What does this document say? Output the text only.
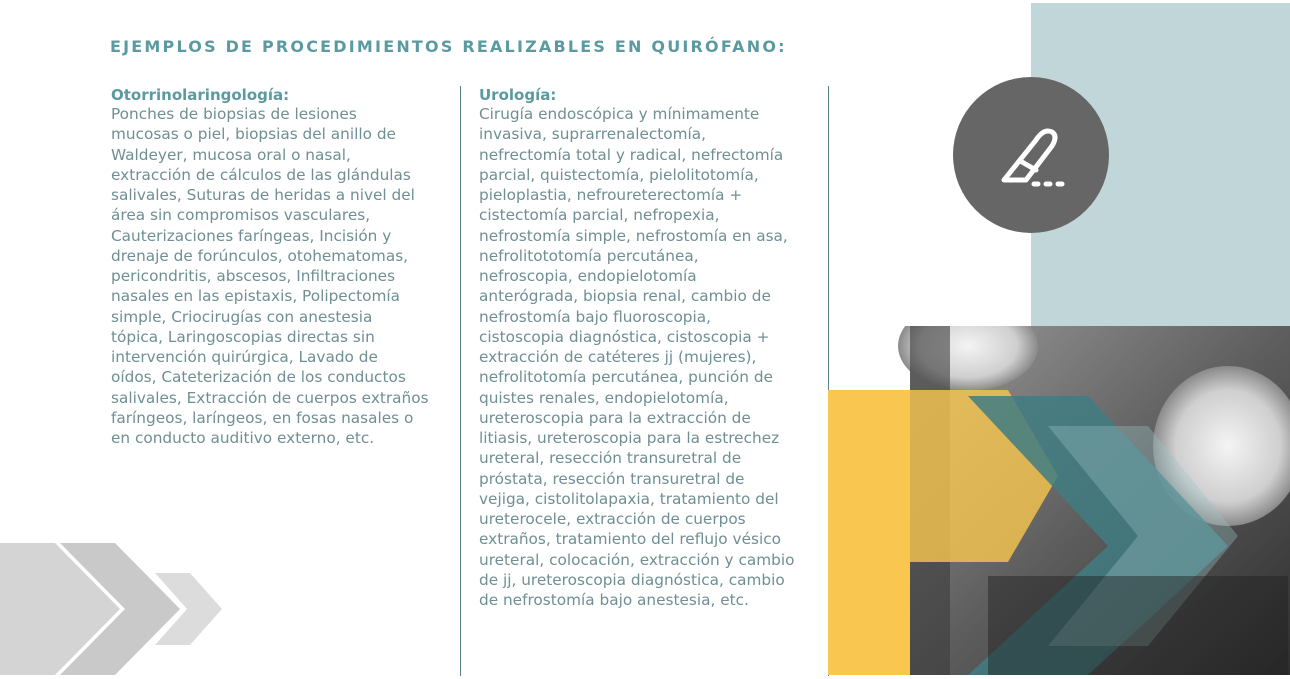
EJEMPLOS DE PROCEDIMIENTOS REALIZABLES EN QUIRÓFANO:

Otorrinolaringología:

Ponches de biopsias de lesiones
mucosas o piel, biopsias del anillo de
Waldeyer, mucosa oral o nasal,
extracción de cálculos de las glándulas
salivales, Suturas de heridas a nivel del
área sin compromisos vasculares,
Cauterizaciones faríngeas, Incisión y
drenaje de forúnculos, otohematomas,
pericondritis, abscesos, Infiltraciones
nasales en las epistaxis, Polipectomía
simple, Criocirugías con anestesia
tópica, Laringoscopias directas sin
intervención quirúrgica, Lavado de
oídos, Cateterización de los conductos
salivales, Extracción de cuerpos extraños
faríngeos, laríngeos, en fosas nasales o
en conducto auditivo externo, etc.

Urología:

Cirugía endoscópica y mínimamente
invasiva, suprarrenalectomía,
nefrectomía total y radical, nefrectomía
parcial, quistectomía, pielolitotomía,
pieloplastia, nefroureterectomía +
cistectomía parcial, nefropexia,
nefrostomía simple, nefrostomía en asa,
nefrolitototomía percutánea,
nefroscopia, endopielotomía
anterógrada, biopsia renal, cambio de
nefrostomía bajo fluoroscopia,
cistoscopia diagnóstica, cistoscopia +
extracción de catéteres jj (mujeres),
nefrolitotomía percutánea, punción de
quistes renales, endopielotomía,
ureteroscopia para la extracción de
litiasis, ureteroscopia para la estrechez
ureteral, resección transuretral de
próstata, resección transuretral de
vejiga, cistolitolapaxia, tratamiento del
ureterocele, extracción de cuerpos
extraños, tratamiento del reflujo vésico
ureteral, colocación, extracción y cambio
de jj, ureteroscopia diagnóstica, cambio
de nefrostomía bajo anestesia, etc.
